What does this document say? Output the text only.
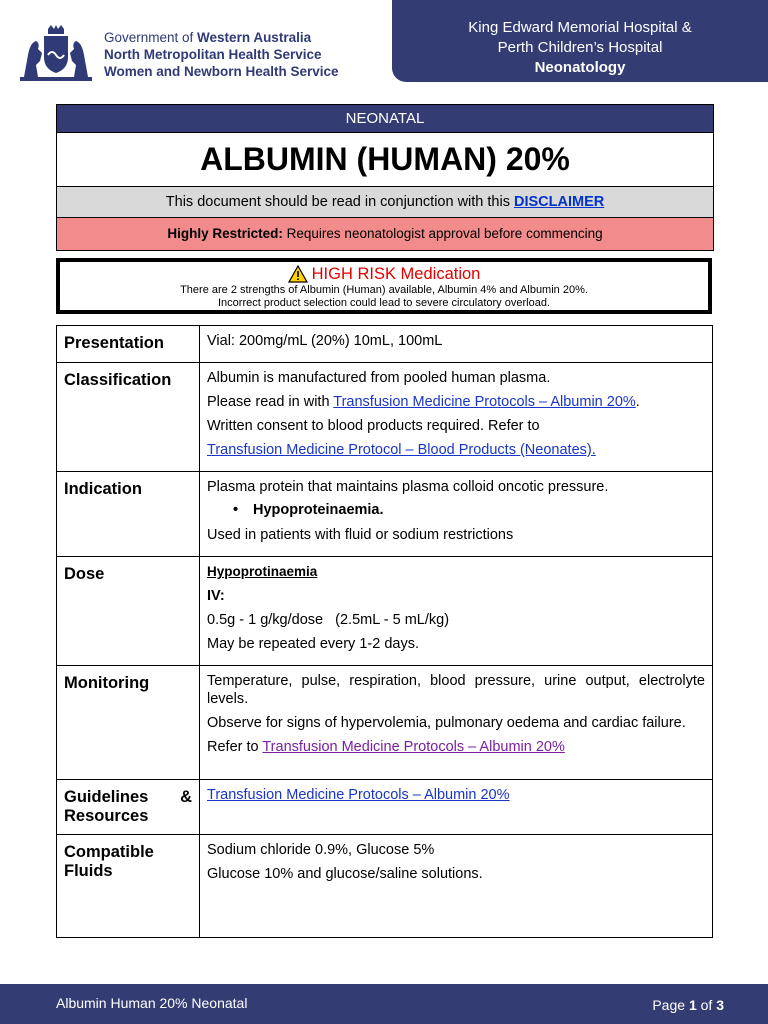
Government of Western Australia
North Metropolitan Health Service
Women and Newborn Health Service
King Edward Memorial Hospital &
Perth Children’s Hospital
Neonatology
NEONATAL
ALBUMIN (HUMAN) 20%
This document should be read in conjunction with this DISCLAIMER
Highly Restricted: Requires neonatologist approval before commencing
HIGH RISK Medication
There are 2 strengths of Albumin (Human) available, Albumin 4% and Albumin 20%.
Incorrect product selection could lead to severe circulatory overload.
Presentation	Vial: 200mg/mL (20%) 10mL, 100mL

Classification	Albumin is manufactured from pooled human plasma.
Please read in with Transfusion Medicine Protocols – Albumin 20%.
Written consent to blood products required. Refer to
Transfusion Medicine Protocol – Blood Products (Neonates).

Indication	Plasma protein that maintains plasma colloid oncotic pressure.
• Hypoproteinaemia.
Used in patients with fluid or sodium restrictions

Dose	Hypoprotinaemia
IV:
0.5g - 1 g/kg/dose   (2.5mL - 5 mL/kg)
May be repeated every 1-2 days.

Monitoring	Temperature, pulse, respiration, blood pressure, urine output, electrolyte levels.
Observe for signs of hypervolemia, pulmonary oedema and cardiac failure.
Refer to Transfusion Medicine Protocols – Albumin 20%

Guidelines &
Resources	Transfusion Medicine Protocols – Albumin 20%

Compatible Fluids	Sodium chloride 0.9%, Glucose 5%
Glucose 10% and glucose/saline solutions.
Albumin Human 20% Neonatal	Page 1 of 3
